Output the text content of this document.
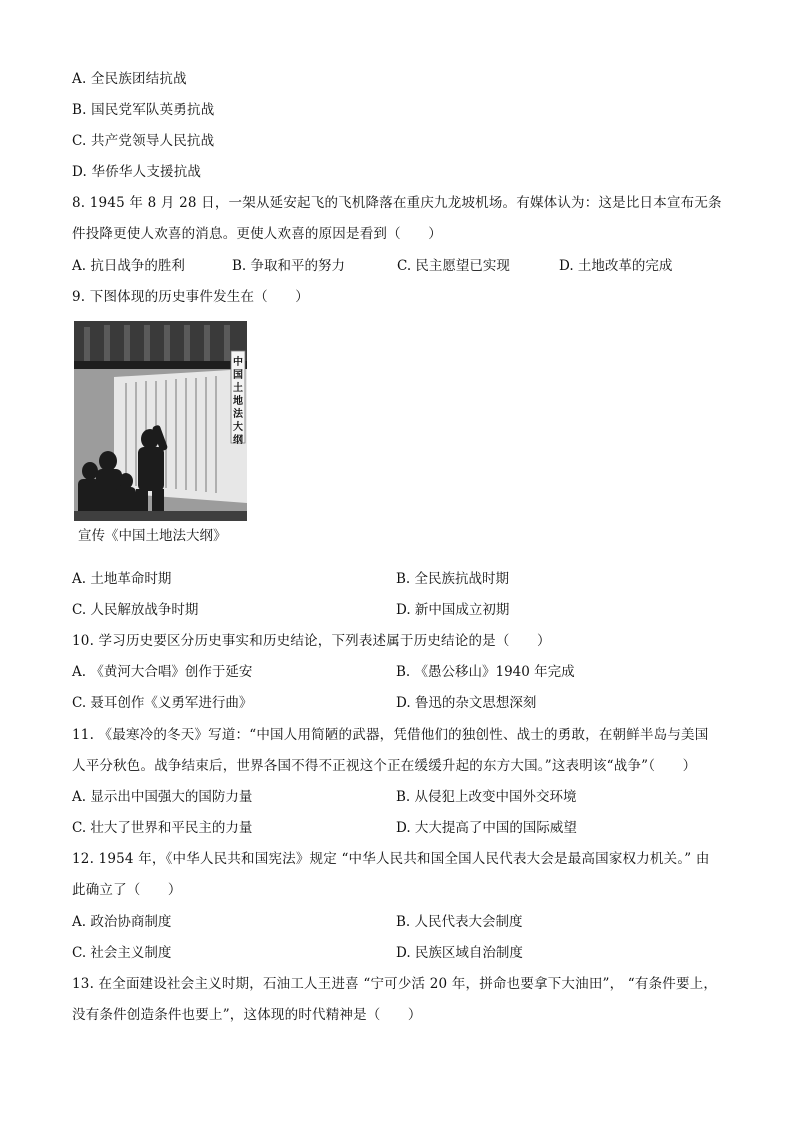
A. 全民族团结抗战
B. 国民党军队英勇抗战
C. 共产党领导人民抗战
D. 华侨华人支援抗战
8. 1945 年 8 月 28 日，一架从延安起飞的飞机降落在重庆九龙坡机场。有媒体认为：这是比日本宣布无条
件投降更使人欢喜的消息。更使人欢喜的原因是看到（　　）
A. 抗日战争的胜利	B. 争取和平的努力	C. 民主愿望已实现	D. 土地改革的完成
9. 下图体现的历史事件发生在（　　）
中 国 土 地 法 大 纲
宣传《中国土地法大纲》
A. 土地革命时期	B. 全民族抗战时期
C. 人民解放战争时期	D. 新中国成立初期
10. 学习历史要区分历史事实和历史结论，下列表述属于历史结论的是（　　）
A. 《黄河大合唱》创作于延安	B. 《愚公移山》1940 年完成
C. 聂耳创作《义勇军进行曲》	D. 鲁迅的杂文思想深刻
11. 《最寒冷的冬天》写道：“中国人用简陋的武器，凭借他们的独创性、战士的勇敢，在朝鲜半岛与美国
人平分秋色。战争结束后，世界各国不得不正视这个正在缓缓升起的东方大国。”这表明该“战争”（　　）
A. 显示出中国强大的国防力量	B. 从侵犯上改变中国外交环境
C. 壮大了世界和平民主的力量	D. 大大提高了中国的国际威望
12. 1954 年，《中华人民共和国宪法》规定 “中华人民共和国全国人民代表大会是最高国家权力机关。” 由
此确立了（　　）
A. 政治协商制度	B. 人民代表大会制度
C. 社会主义制度	D. 民族区域自治制度
13. 在全面建设社会主义时期，石油工人王进喜 “宁可少活 20 年，拼命也要拿下大油田”， “有条件要上，
没有条件创造条件也要上”，这体现的时代精神是（　　）
